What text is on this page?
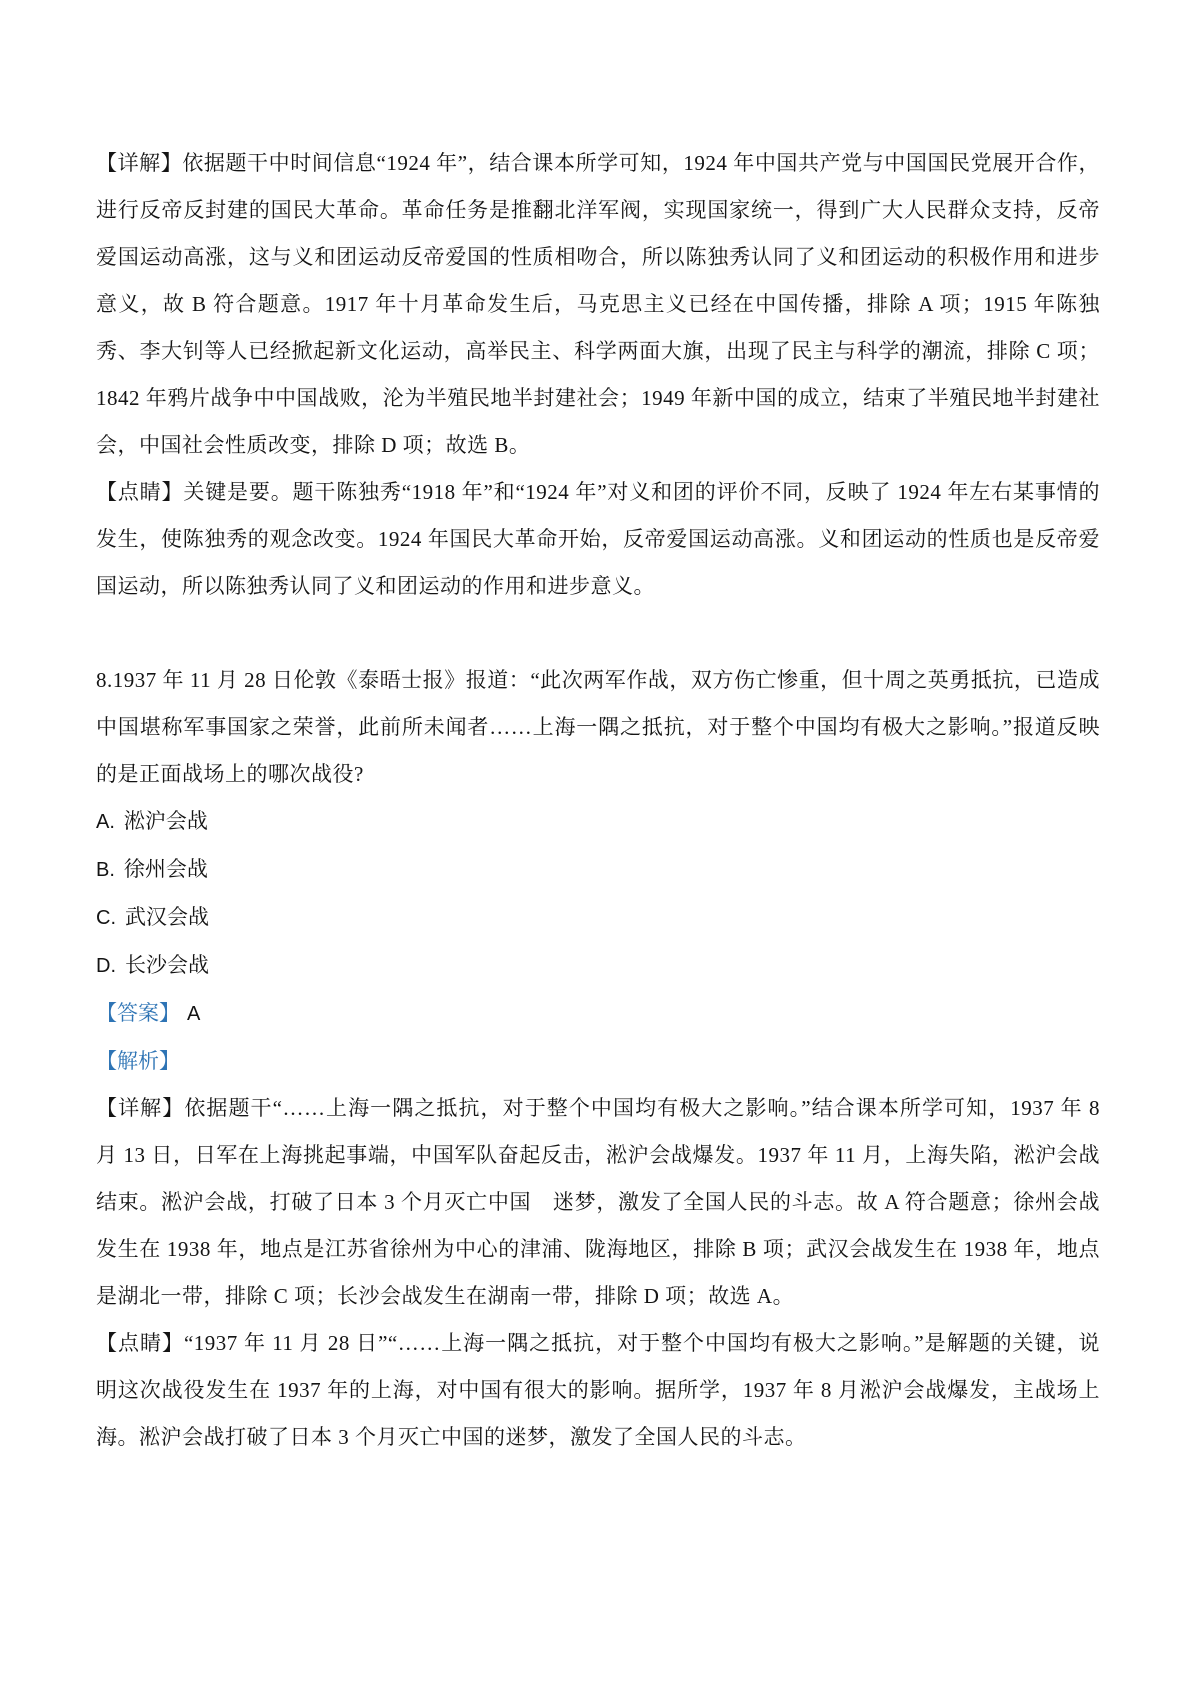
【详解】依据题干中时间信息“1924 年”，结合课本所学可知，1924 年中国共产党与中国国民党展开合作，进行反帝反封建的国民大革命。革命任务是推翻北洋军阀，实现国家统一，得到广大人民群众支持，反帝爱国运动高涨，这与义和团运动反帝爱国的性质相吻合，所以陈独秀认同了义和团运动的积极作用和进步意义，故 B 符合题意。1917 年十月革命发生后，马克思主义已经在中国传播，排除 A 项；1915 年陈独秀、李大钊等人已经掀起新文化运动，高举民主、科学两面大旗，出现了民主与科学的潮流，排除 C 项；1842 年鸦片战争中中国战败，沦为半殖民地半封建社会；1949 年新中国的成立，结束了半殖民地半封建社会，中国社会性质改变，排除 D 项；故选 B。

【点睛】关键是要。题干陈独秀“1918 年”和“1924 年”对义和团的评价不同，反映了 1924 年左右某事情的发生，使陈独秀的观念改变。1924 年国民大革命开始，反帝爱国运动高涨。义和团运动的性质也是反帝爱国运动，所以陈独秀认同了义和团运动的作用和进步意义。

8.1937 年 11 月 28 日伦敦《泰晤士报》报道：“此次两军作战，双方伤亡惨重，但十周之英勇抵抗，已造成中国堪称军事国家之荣誉，此前所未闻者……上海一隅之抵抗，对于整个中国均有极大之影响。”报道反映的是正面战场上的哪次战役?

A. 淞沪会战
B. 徐州会战
C. 武汉会战
D. 长沙会战
【答案】 A
【解析】

【详解】依据题干“……上海一隅之抵抗，对于整个中国均有极大之影响。”结合课本所学可知，1937 年 8 月 13 日，日军在上海挑起事端，中国军队奋起反击，淞沪会战爆发。1937 年 11 月，上海失陷，淞沪会战结束。淞沪会战，打破了日本 3 个月灭亡中国　迷梦，激发了全国人民的斗志。故 A 符合题意；徐州会战发生在 1938 年，地点是江苏省徐州为中心的津浦、陇海地区，排除 B 项；武汉会战发生在 1938 年，地点是湖北一带，排除 C 项；长沙会战发生在湖南一带，排除 D 项；故选 A。

【点睛】“1937 年 11 月 28 日”“……上海一隅之抵抗，对于整个中国均有极大之影响。”是解题的关键，说明这次战役发生在 1937 年的上海，对中国有很大的影响。据所学，1937 年 8 月淞沪会战爆发，主战场上海。淞沪会战打破了日本 3 个月灭亡中国的迷梦，激发了全国人民的斗志。
